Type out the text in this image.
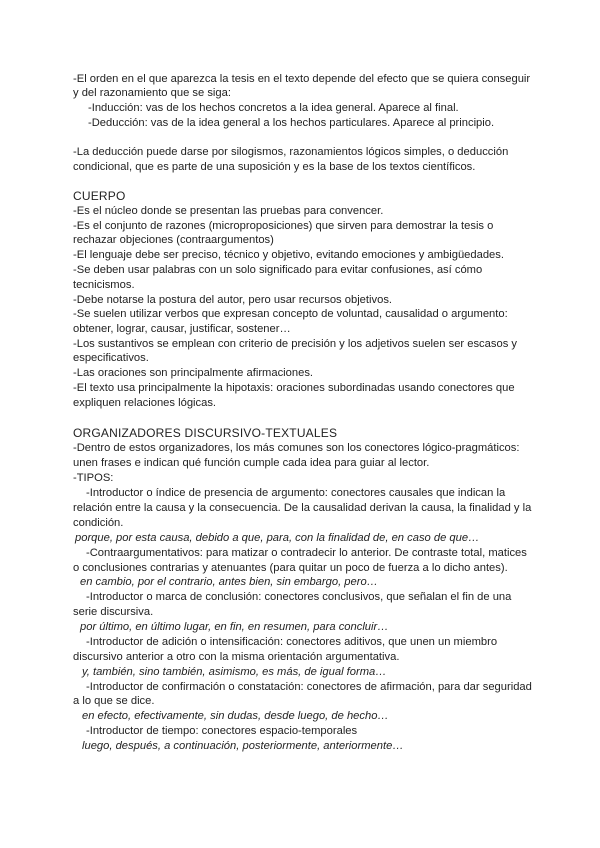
-El orden en el que aparezca la tesis en el texto depende del efecto que se quiera conseguir
y del razonamiento que se siga:
-Inducción: vas de los hechos concretos a la idea general. Aparece al final.
-Deducción: vas de la idea general a los hechos particulares. Aparece al principio.
-La deducción puede darse por silogismos, razonamientos lógicos simples, o deducción
condicional, que es parte de una suposición y es la base de los textos científicos.
CUERPO
-Es el núcleo donde se presentan las pruebas para convencer.
-Es el conjunto de razones (microproposiciones) que sirven para demostrar la tesis o
rechazar objeciones (contraargumentos)
-El lenguaje debe ser preciso, técnico y objetivo, evitando emociones y ambigüedades.
-Se deben usar palabras con un solo significado para evitar confusiones, así cómo
tecnicismos.
-Debe notarse la postura del autor, pero usar recursos objetivos.
-Se suelen utilizar verbos que expresan concepto de voluntad, causalidad o argumento:
obtener, lograr, causar, justificar, sostener…
-Los sustantivos se emplean con criterio de precisión y los adjetivos suelen ser escasos y
especificativos.
-Las oraciones son principalmente afirmaciones.
-El texto usa principalmente la hipotaxis: oraciones subordinadas usando conectores que
expliquen relaciones lógicas.
ORGANIZADORES DISCURSIVO-TEXTUALES
-Dentro de estos organizadores, los más comunes son los conectores lógico-pragmáticos:
unen frases e indican qué función cumple cada idea para guiar al lector.
-TIPOS:
-Introductor o índice de presencia de argumento: conectores causales que indican la
relación entre la causa y la consecuencia. De la causalidad derivan la causa, la finalidad y la
condición.
porque, por esta causa, debido a que, para, con la finalidad de, en caso de que…
-Contraargumentativos: para matizar o contradecir lo anterior. De contraste total, matices
o conclusiones contrarias y atenuantes (para quitar un poco de fuerza a lo dicho antes).
en cambio, por el contrario, antes bien, sin embargo, pero…
-Introductor o marca de conclusión: conectores conclusivos, que señalan el fin de una
serie discursiva.
por último, en último lugar, en fin, en resumen, para concluir…
-Introductor de adición o intensificación: conectores aditivos, que unen un miembro
discursivo anterior a otro con la misma orientación argumentativa.
y, también, sino también, asimismo, es más, de igual forma…
-Introductor de confirmación o constatación: conectores de afirmación, para dar seguridad
a lo que se dice.
en efecto, efectivamente, sin dudas, desde luego, de hecho…
-Introductor de tiempo: conectores espacio-temporales
luego, después, a continuación, posteriormente, anteriormente…
